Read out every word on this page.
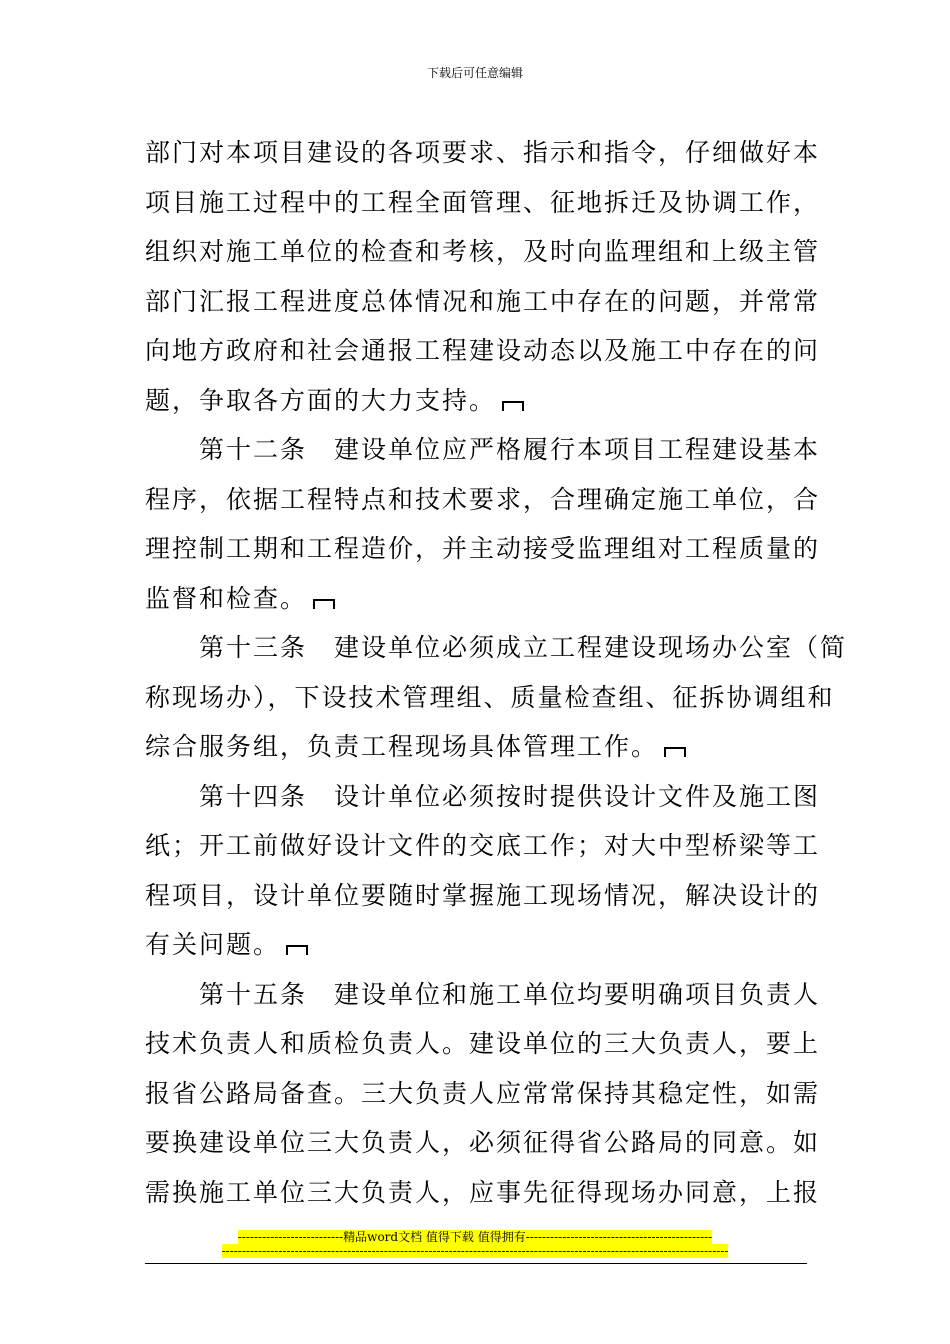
下载后可任意编辑

部门对本项目建设的各项要求、指示和指令，仔细做好本
项目施工过程中的工程全面管理、征地拆迁及协调工作，
组织对施工单位的检查和考核，及时向监理组和上级主管
部门汇报工程进度总体情况和施工中存在的问题，并常常
向地方政府和社会通报工程建设动态以及施工中存在的问
题，争取各方面的大力支持。

第十二条　建设单位应严格履行本项目工程建设基本
程序，依据工程特点和技术要求，合理确定施工单位，合
理控制工期和工程造价，并主动接受监理组对工程质量的
监督和检查。

第十三条　建设单位必须成立工程建设现场办公室（简
称现场办），下设技术管理组、质量检查组、征拆协调组和
综合服务组，负责工程现场具体管理工作。

第十四条　设计单位必须按时提供设计文件及施工图
纸；开工前做好设计文件的交底工作；对大中型桥梁等工
程项目，设计单位要随时掌握施工现场情况，解决设计的
有关问题。

第十五条　建设单位和施工单位均要明确项目负责人
技术负责人和质检负责人。建设单位的三大负责人，要上
报省公路局备查。三大负责人应常常保持其稳定性，如需
要换建设单位三大负责人，必须征得省公路局的同意。如
需换施工单位三大负责人，应事先征得现场办同意，上报

--------------------------精品word文档 值得下载 值得拥有----------------------------------------------
-----------------------------------------------------------------------------------------------------------------------------
